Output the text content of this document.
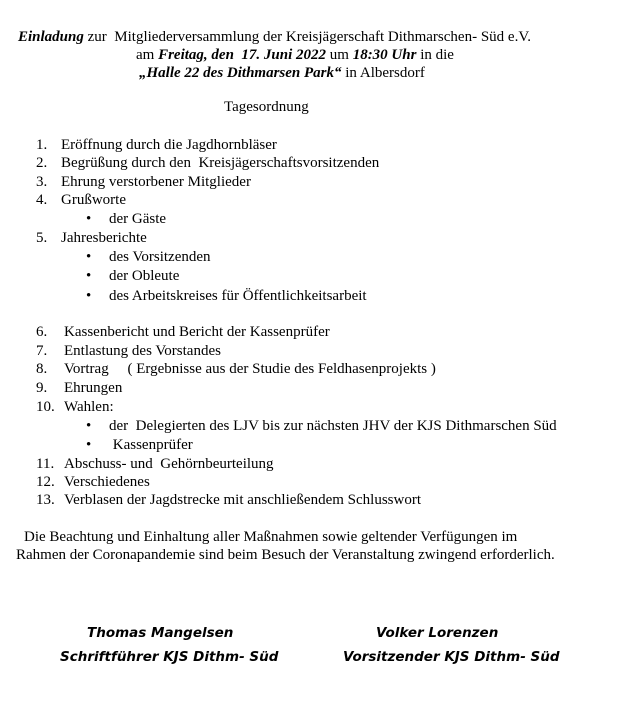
Einladung zur  Mitgliederversammlung der Kreisjägerschaft Dithmarschen- Süd e.V.
am Freitag, den  17. Juni 2022 um 18:30 Uhr in die
„Halle 22 des Dithmarsen Park“ in Albersdorf
Tagesordnung
1. Eröffnung durch die Jagdhornbläser
2. Begrüßung durch den  Kreisjägerschaftsvorsitzenden
3. Ehrung verstorbener Mitglieder
4. Grußworte
• der Gäste
5. Jahresberichte
• des Vorsitzenden
• der Obleute
• des Arbeitskreises für Öffentlichkeitsarbeit
6. Kassenbericht und Bericht der Kassenprüfer
7. Entlastung des Vorstandes
8. Vortrag     ( Ergebnisse aus der Studie des Feldhasenprojekts )
9. Ehrungen
10. Wahlen:
• der  Delegierten des LJV bis zur nächsten JHV der KJS Dithmarschen Süd
• Kassenprüfer
11. Abschuss- und  Gehörnbeurteilung
12. Verschiedenes
13. Verblasen der Jagdstrecke mit anschließendem Schlusswort
Die Beachtung und Einhaltung aller Maßnahmen sowie geltender Verfügungen im
Rahmen der Coronapandemie sind beim Besuch der Veranstaltung zwingend erforderlich.
Thomas Mangelsen
Schriftführer KJS Dithm- Süd
Volker Lorenzen
Vorsitzender KJS Dithm- Süd
